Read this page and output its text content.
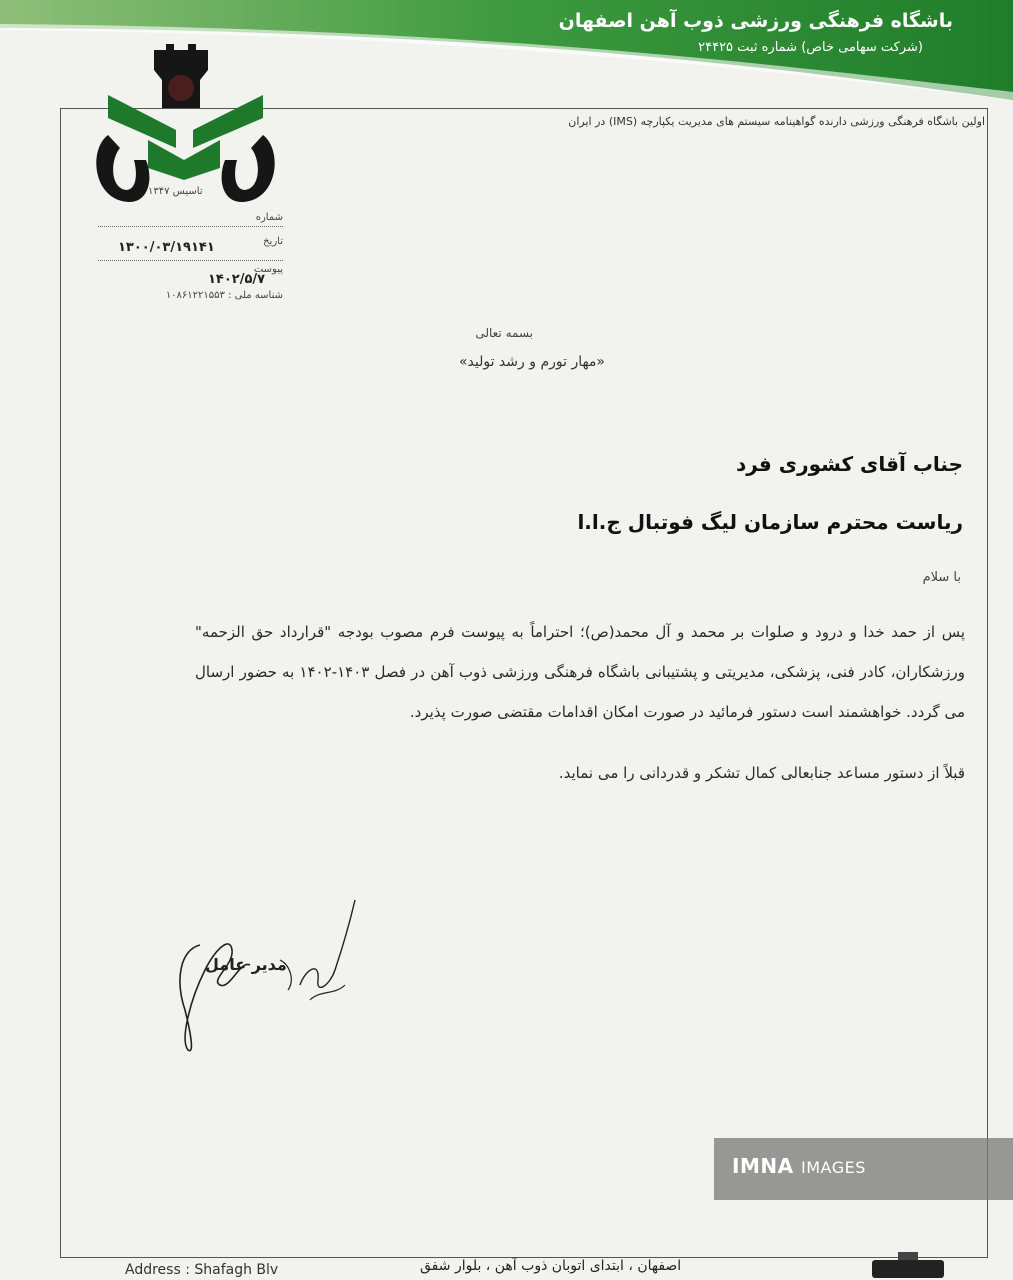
باشگاه فرهنگی ورزشی ذوب آهن اصفهان
(شرکت سهامی خاص) شماره ثبت ۲۴۴۲۵
اولین باشگاه فرهنگی ورزشی دارنده گواهینامه سیستم های مدیریت یکپارچه (IMS) در ایران
تاسیس ۱۳۴۷
شماره
تاریخ
۱۳۰۰/۰۳/۱۹۱۴۱
پیوست
۱۴۰۲/۵/۷
شناسه ملی : ۱۰۸۶۱۲۲۱۵۵۳
بسمه تعالی
«مهار تورم و رشد تولید»
جناب آقای کشوری فرد
ریاست محترم سازمان لیگ فوتبال ج.ا.ا
با سلام
پس از حمد خدا و درود و صلوات بر محمد و آل محمد(ص)؛ احتراماً به پیوست فرم مصوب بودجه "قرارداد حق الزحمه" ورزشکاران، کادر فنی، پزشکی، مدیریتی و پشتیبانی باشگاه فرهنگی ورزشی ذوب آهن در فصل ۱۴۰۳-۱۴۰۲ به حضور ارسال می گردد. خواهشمند است دستور فرمائید در صورت امکان اقدامات مقتضی صورت پذیرد.
قبلاً از دستور مساعد جنابعالی کمال تشکر و قدردانی را می نماید.
مدیر عامل
IMNA IMAGES
Address : Shafagh Blv	اصفهان ، ابتدای اتوبان ذوب آهن ، بلوار شفق
